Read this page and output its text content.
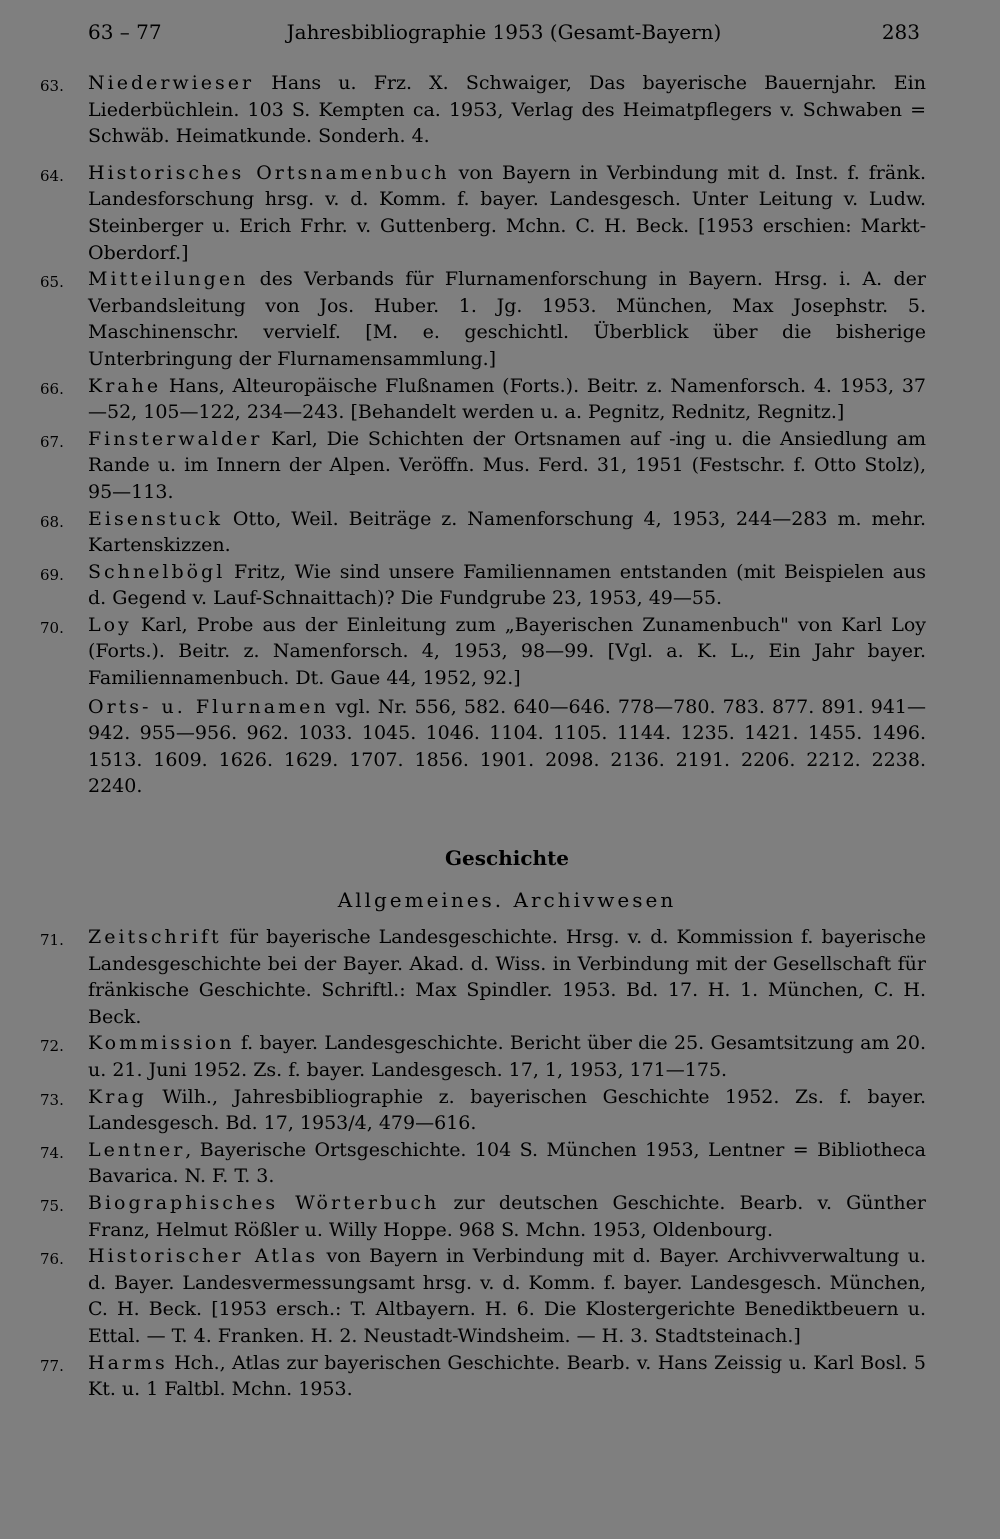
63 – 77	Jahresbibliographie 1953 (Gesamt-Bayern)	283
63.	Niederwieser Hans u. Frz. X. Schwaiger, Das bayerische Bauernjahr. Ein Liederbüchlein. 103 S. Kempten ca. 1953, Verlag des Heimatpflegers v. Schwaben = Schwäb. Heimatkunde. Sonderh. 4.
64.	Historisches Ortsnamenbuch von Bayern in Verbindung mit d. Inst. f. fränk. Landesforschung hrsg. v. d. Komm. f. bayer. Landesgesch. Unter Leitung v. Ludw. Steinberger u. Erich Frhr. v. Guttenberg. Mchn. C. H. Beck. [1953 erschien: Markt-Oberdorf.]
65.	Mitteilungen des Verbands für Flurnamenforschung in Bayern. Hrsg. i. A. der Verbandsleitung von Jos. Huber. 1. Jg. 1953. München, Max Josephstr. 5. Maschinenschr. vervielf. [M. e. geschichtl. Überblick über die bisherige Unterbringung der Flurnamensammlung.]
66.	Krahe Hans, Alteuropäische Flußnamen (Forts.). Beitr. z. Namenforsch. 4. 1953, 37—52, 105—122, 234—243. [Behandelt werden u. a. Pegnitz, Rednitz, Regnitz.]
67.	Finsterwalder Karl, Die Schichten der Ortsnamen auf -ing u. die Ansiedlung am Rande u. im Innern der Alpen. Veröffn. Mus. Ferd. 31, 1951 (Festschr. f. Otto Stolz), 95—113.
68.	Eisenstuck Otto, Weil. Beiträge z. Namenforschung 4, 1953, 244—283 m. mehr. Kartenskizzen.
69.	Schnelbögl Fritz, Wie sind unsere Familiennamen entstanden (mit Beispielen aus d. Gegend v. Lauf-Schnaittach)? Die Fundgrube 23, 1953, 49—55.
70.	Loy Karl, Probe aus der Einleitung zum „Bayerischen Zunamenbuch" von Karl Loy (Forts.). Beitr. z. Namenforsch. 4, 1953, 98—99. [Vgl. a. K. L., Ein Jahr bayer. Familiennamenbuch. Dt. Gaue 44, 1952, 92.]
Orts- u. Flurnamen vgl. Nr. 556, 582. 640—646. 778—780. 783. 877. 891. 941—942. 955—956. 962. 1033. 1045. 1046. 1104. 1105. 1144. 1235. 1421. 1455. 1496. 1513. 1609. 1626. 1629. 1707. 1856. 1901. 2098. 2136. 2191. 2206. 2212. 2238. 2240.
Geschichte
Allgemeines. Archivwesen
71.	Zeitschrift für bayerische Landesgeschichte. Hrsg. v. d. Kommission f. bayerische Landesgeschichte bei der Bayer. Akad. d. Wiss. in Verbindung mit der Gesellschaft für fränkische Geschichte. Schriftl.: Max Spindler. 1953. Bd. 17. H. 1. München, C. H. Beck.
72.	Kommission f. bayer. Landesgeschichte. Bericht über die 25. Gesamtsitzung am 20. u. 21. Juni 1952. Zs. f. bayer. Landesgesch. 17, 1, 1953, 171—175.
73.	Krag Wilh., Jahresbibliographie z. bayerischen Geschichte 1952. Zs. f. bayer. Landesgesch. Bd. 17, 1953/4, 479—616.
74.	Lentner, Bayerische Ortsgeschichte. 104 S. München 1953, Lentner = Bibliotheca Bavarica. N. F. T. 3.
75.	Biographisches Wörterbuch zur deutschen Geschichte. Bearb. v. Günther Franz, Helmut Rößler u. Willy Hoppe. 968 S. Mchn. 1953, Oldenbourg.
76.	Historischer Atlas von Bayern in Verbindung mit d. Bayer. Archivverwaltung u. d. Bayer. Landesvermessungsamt hrsg. v. d. Komm. f. bayer. Landesgesch. München, C. H. Beck. [1953 ersch.: T. Altbayern. H. 6. Die Klostergerichte Benediktbeuern u. Ettal. — T. 4. Franken. H. 2. Neustadt-Windsheim. — H. 3. Stadtsteinach.]
77.	Harms Hch., Atlas zur bayerischen Geschichte. Bearb. v. Hans Zeissig u. Karl Bosl. 5 Kt. u. 1 Faltbl. Mchn. 1953.
